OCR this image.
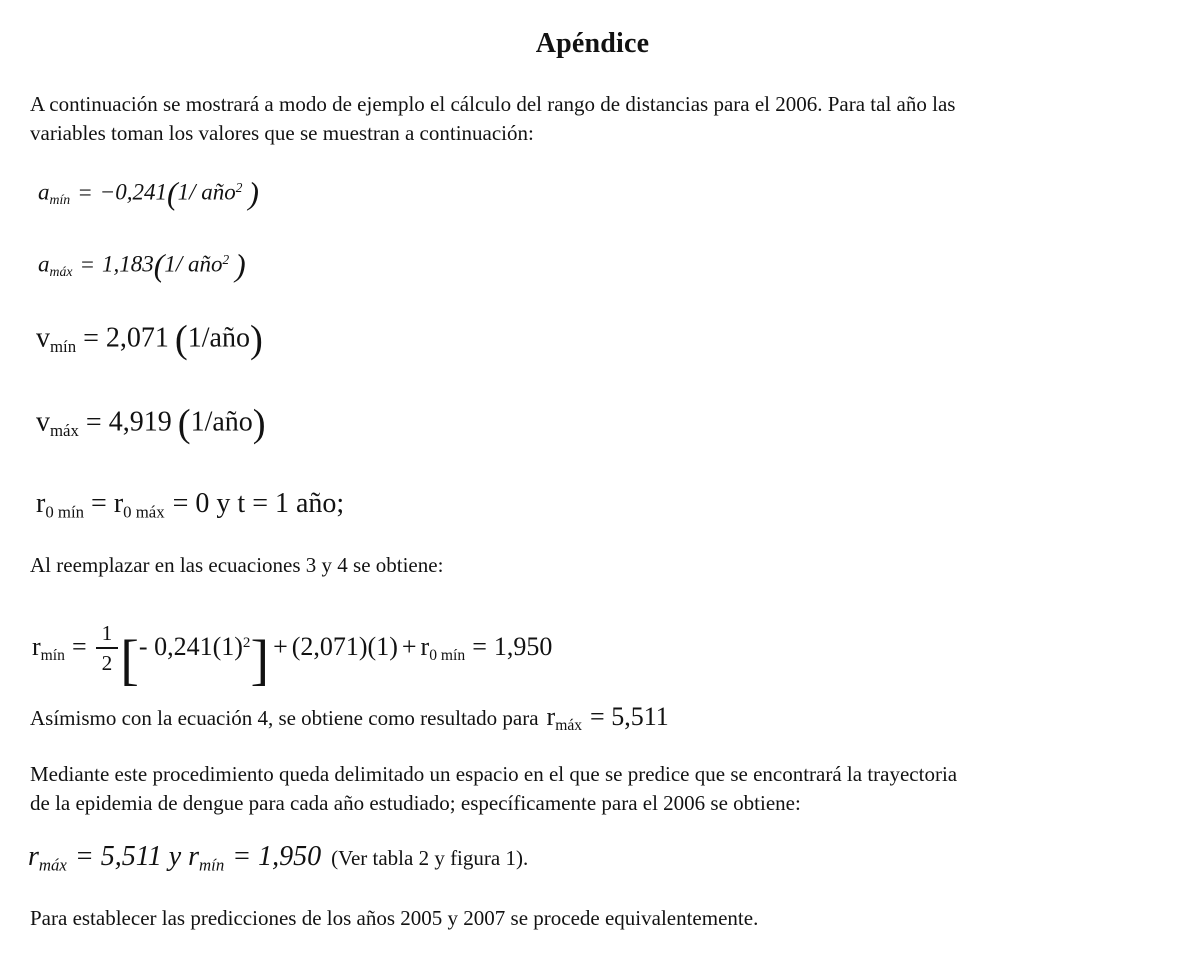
Apéndice
A continuación se mostrará a modo de ejemplo el cálculo del rango de distancias para el 2006. Para tal año las
variables toman los valores que se muestran a continuación:
amín = −0,241(1/ año$^2$ )
amáx = 1,183(1/ año$^2$ )
vmín = 2,071 (1/año)
vmáx = 4,919 (1/año)
r0 mín = r0 máx = 0 y t = 1 año;
Al reemplazar en las ecuaciones 3 y 4 se obtiene:
rmín = $\frac{1}{2}$ [- $0,241(1)^2] + (2,071)(1) + r0$ mín = 1,950
Asímismo con la ecuación 4, se obtiene como resultado para rmáx = 5,511
Mediante este procedimiento queda delimitado un espacio en el que se predice que se encontrará la trayectoria
de la epidemia de dengue para cada año estudiado; específicamente para el 2006 se obtiene:
rmáx = 5,511 y rmín = 1,950 (Ver tabla 2 y figura 1).
Para establecer las predicciones de los años 2005 y 2007 se procede equivalentemente.
